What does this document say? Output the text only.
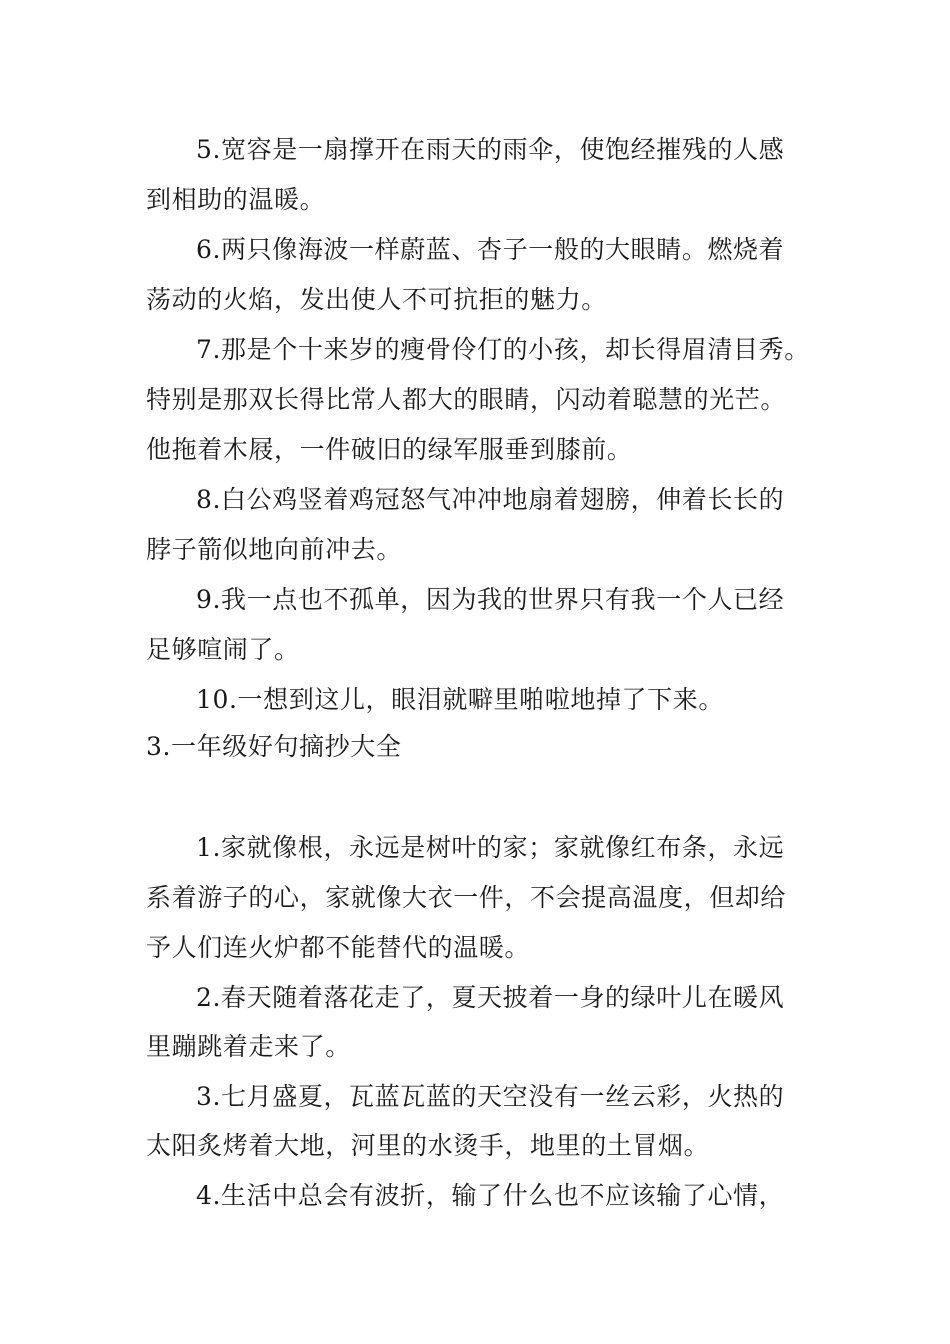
5.宽容是一扇撑开在雨天的雨伞，使饱经摧残的人感
到相助的温暖。
6.两只像海波一样蔚蓝、杏子一般的大眼睛。燃烧着
荡动的火焰，发出使人不可抗拒的魅力。
7.那是个十来岁的瘦骨伶仃的小孩，却长得眉清目秀。
特别是那双长得比常人都大的眼睛，闪动着聪慧的光芒。
他拖着木屐，一件破旧的绿军服垂到膝前。
8.白公鸡竖着鸡冠怒气冲冲地扇着翅膀，伸着长长的
脖子箭似地向前冲去。
9.我一点也不孤单，因为我的世界只有我一个人已经
足够喧闹了。
10.一想到这儿，眼泪就噼里啪啦地掉了下来。
3.一年级好句摘抄大全
1.家就像根，永远是树叶的家；家就像红布条，永远
系着游子的心，家就像大衣一件，不会提高温度，但却给
予人们连火炉都不能替代的温暖。
2.春天随着落花走了，夏天披着一身的绿叶儿在暖风
里蹦跳着走来了。
3.七月盛夏，瓦蓝瓦蓝的天空没有一丝云彩，火热的
太阳炙烤着大地，河里的水烫手，地里的土冒烟。
4.生活中总会有波折，输了什么也不应该输了心情，
